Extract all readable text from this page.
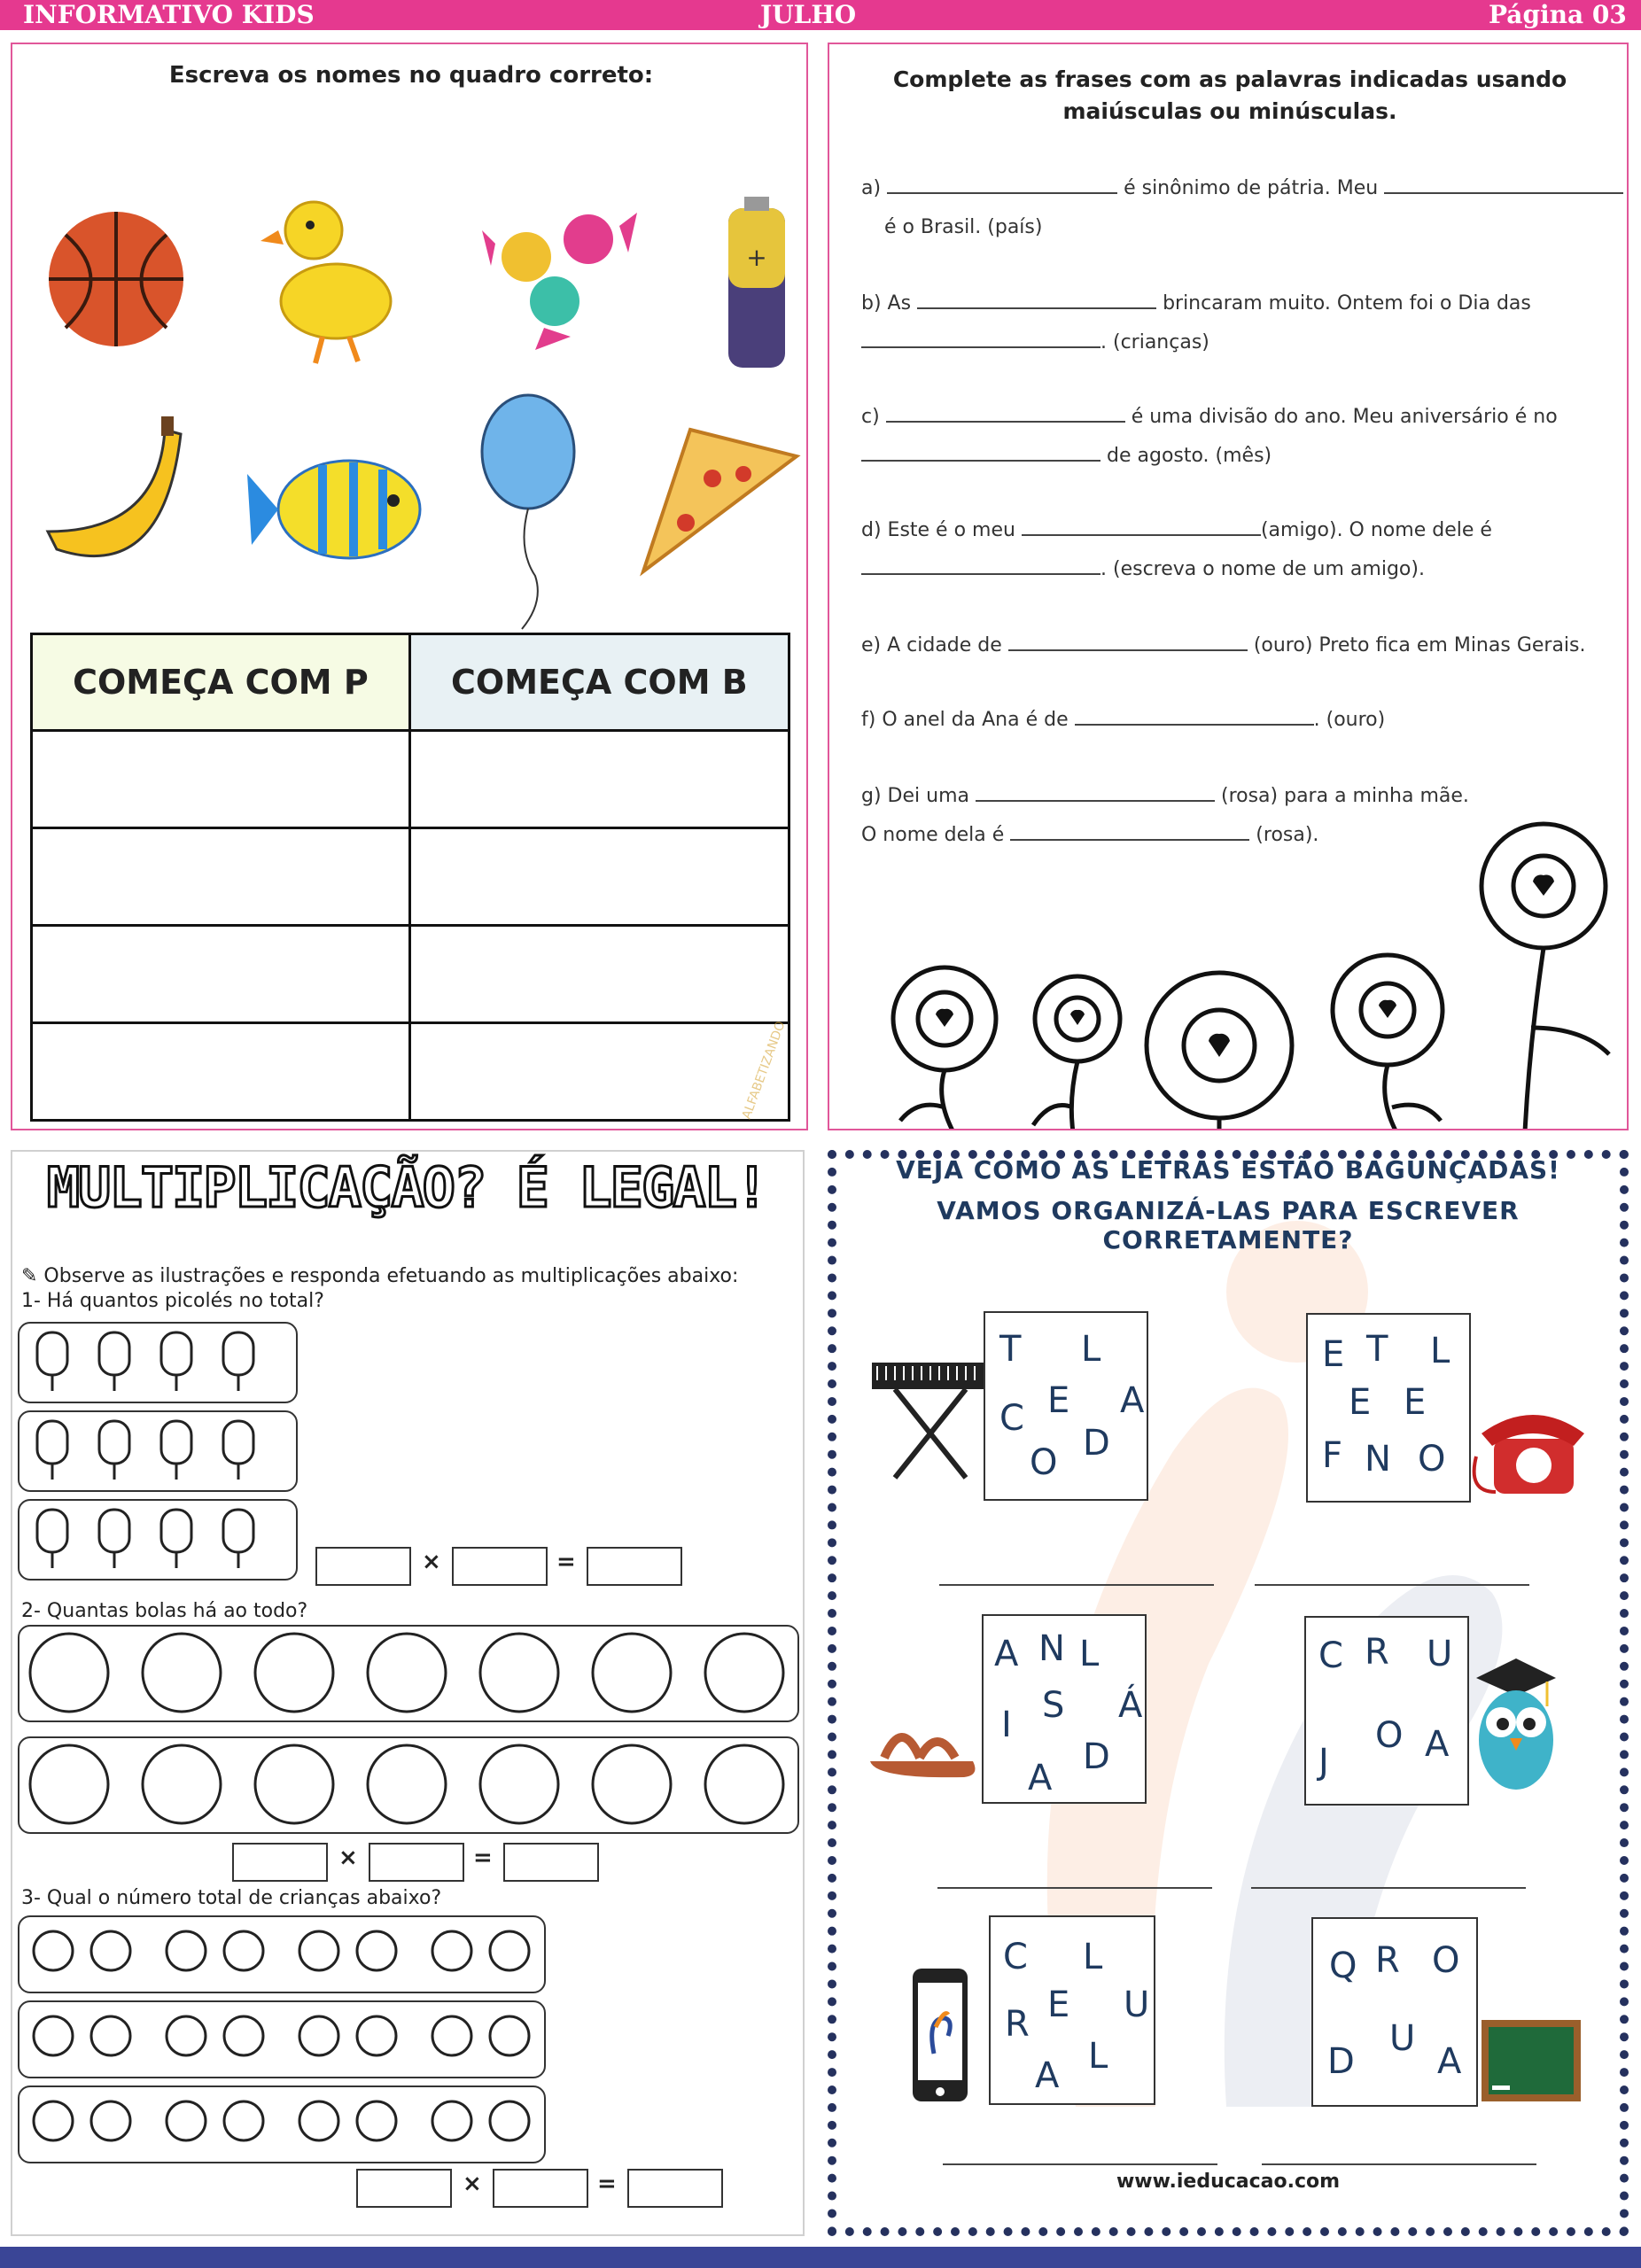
INFORMATIVO KIDS	JULHO	Página 03
Escreva os nomes no quadro correto:
+
COMEÇA COM P	COMEÇA COM B

ALFABETIZANDO
Complete as frases com as palavras indicadas usando maiúsculas ou minúsculas.
a)	é sinônimo de pátria. Meu
é o Brasil. (país)
b) As	brincaram muito. Ontem foi o Dia das
. (crianças)
c)	é uma divisão do ano. Meu aniversário é no
de agosto. (mês)
d) Este é o meu	(amigo). O nome dele é
. (escreva o nome de um amigo).
e) A cidade de	(ouro) Preto fica em Minas Gerais.
f) O anel da Ana é de	. (ouro)
g) Dei uma	(rosa) para a minha mãe.
O nome dela é	(rosa).
MULTIPLICAÇÃO? É LEGAL!
✎ Observe as ilustrações e responda efetuando as multiplicações abaixo:
1- Há quantos picolés no total?
×	=
2- Quantas bolas há ao todo?
×	=
3- Qual o número total de crianças abaixo?
×	=
VEJA COMO AS LETRAS ESTÃO BAGUNÇADAS!
VAMOS ORGANIZÁ-LAS PARA ESCREVER CORRETAMENTE?
T L
C E A
O D
E T L
E E
F N O
A N L
S Á
I
A
D
C R U
O
J	A
C L
E U
R
A L
Q R O
U
D A
www.ieducacao.com
